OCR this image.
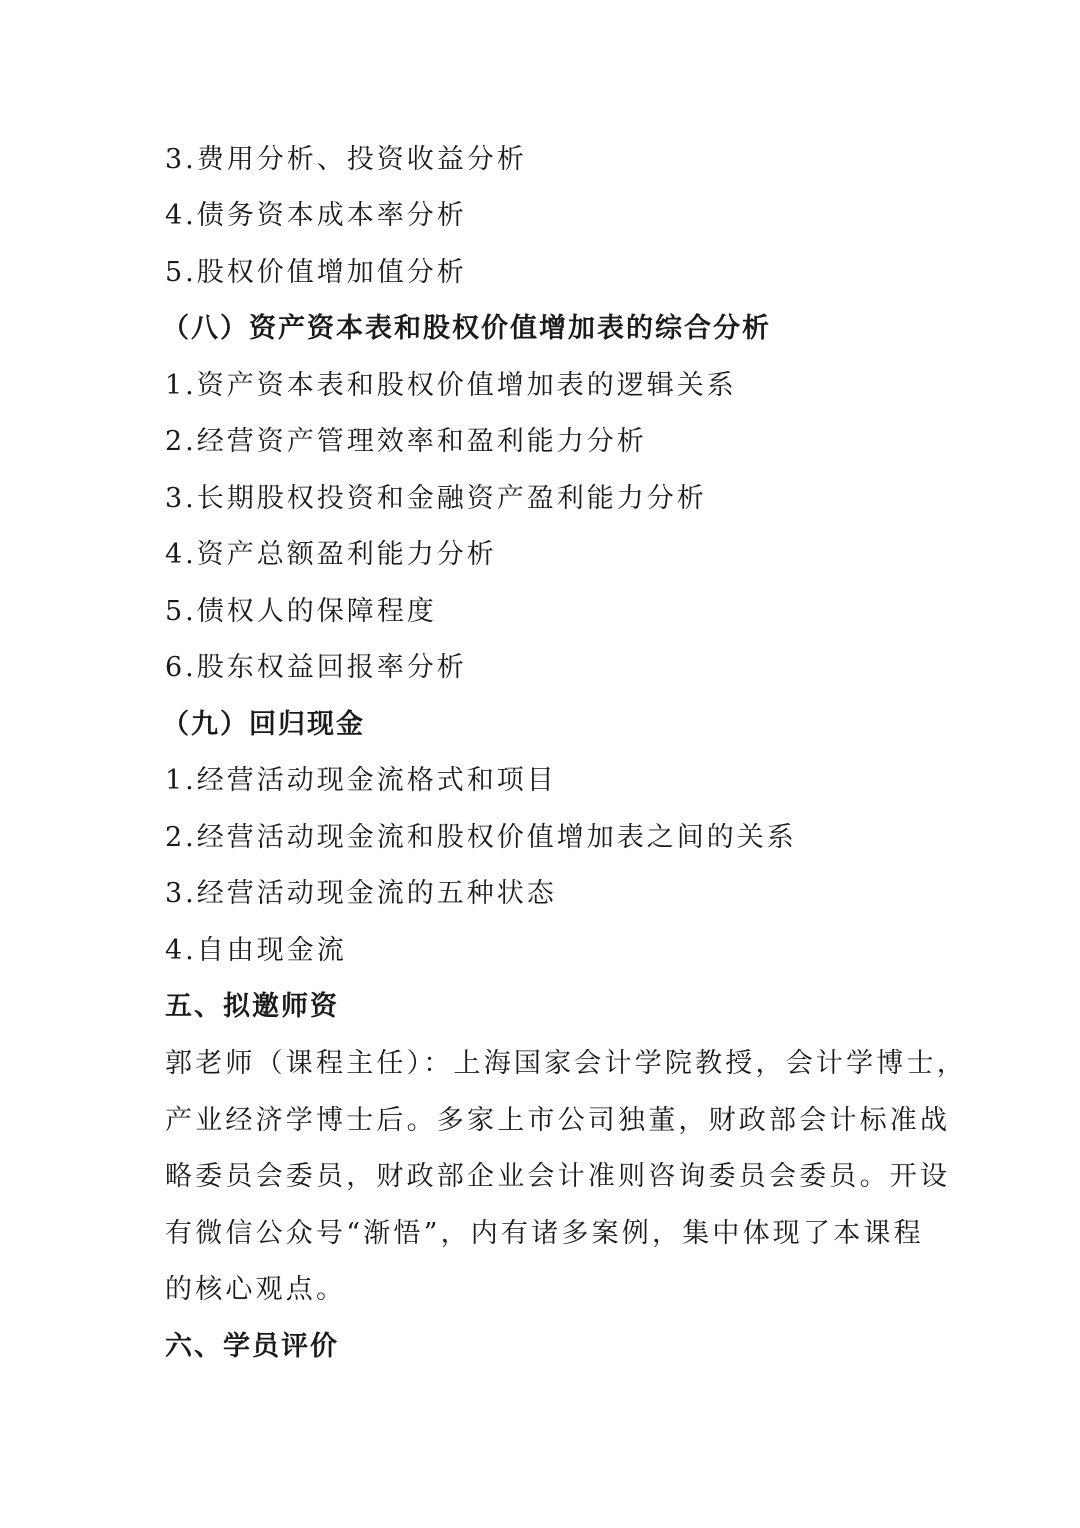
3.费用分析、投资收益分析
4.债务资本成本率分析
5.股权价值增加值分析
（八）资产资本表和股权价值增加表的综合分析
1.资产资本表和股权价值增加表的逻辑关系
2.经营资产管理效率和盈利能力分析
3.长期股权投资和金融资产盈利能力分析
4.资产总额盈利能力分析
5.债权人的保障程度
6.股东权益回报率分析
（九）回归现金
1.经营活动现金流格式和项目
2.经营活动现金流和股权价值增加表之间的关系
3.经营活动现金流的五种状态
4.自由现金流
五、拟邀师资
郭老师（课程主任）：上海国家会计学院教授，会计学博士，
产业经济学博士后。多家上市公司独董，财政部会计标准战
略委员会委员，财政部企业会计准则咨询委员会委员。开设
有微信公众号“渐悟”，内有诸多案例，集中体现了本课程
的核心观点。
六、学员评价
